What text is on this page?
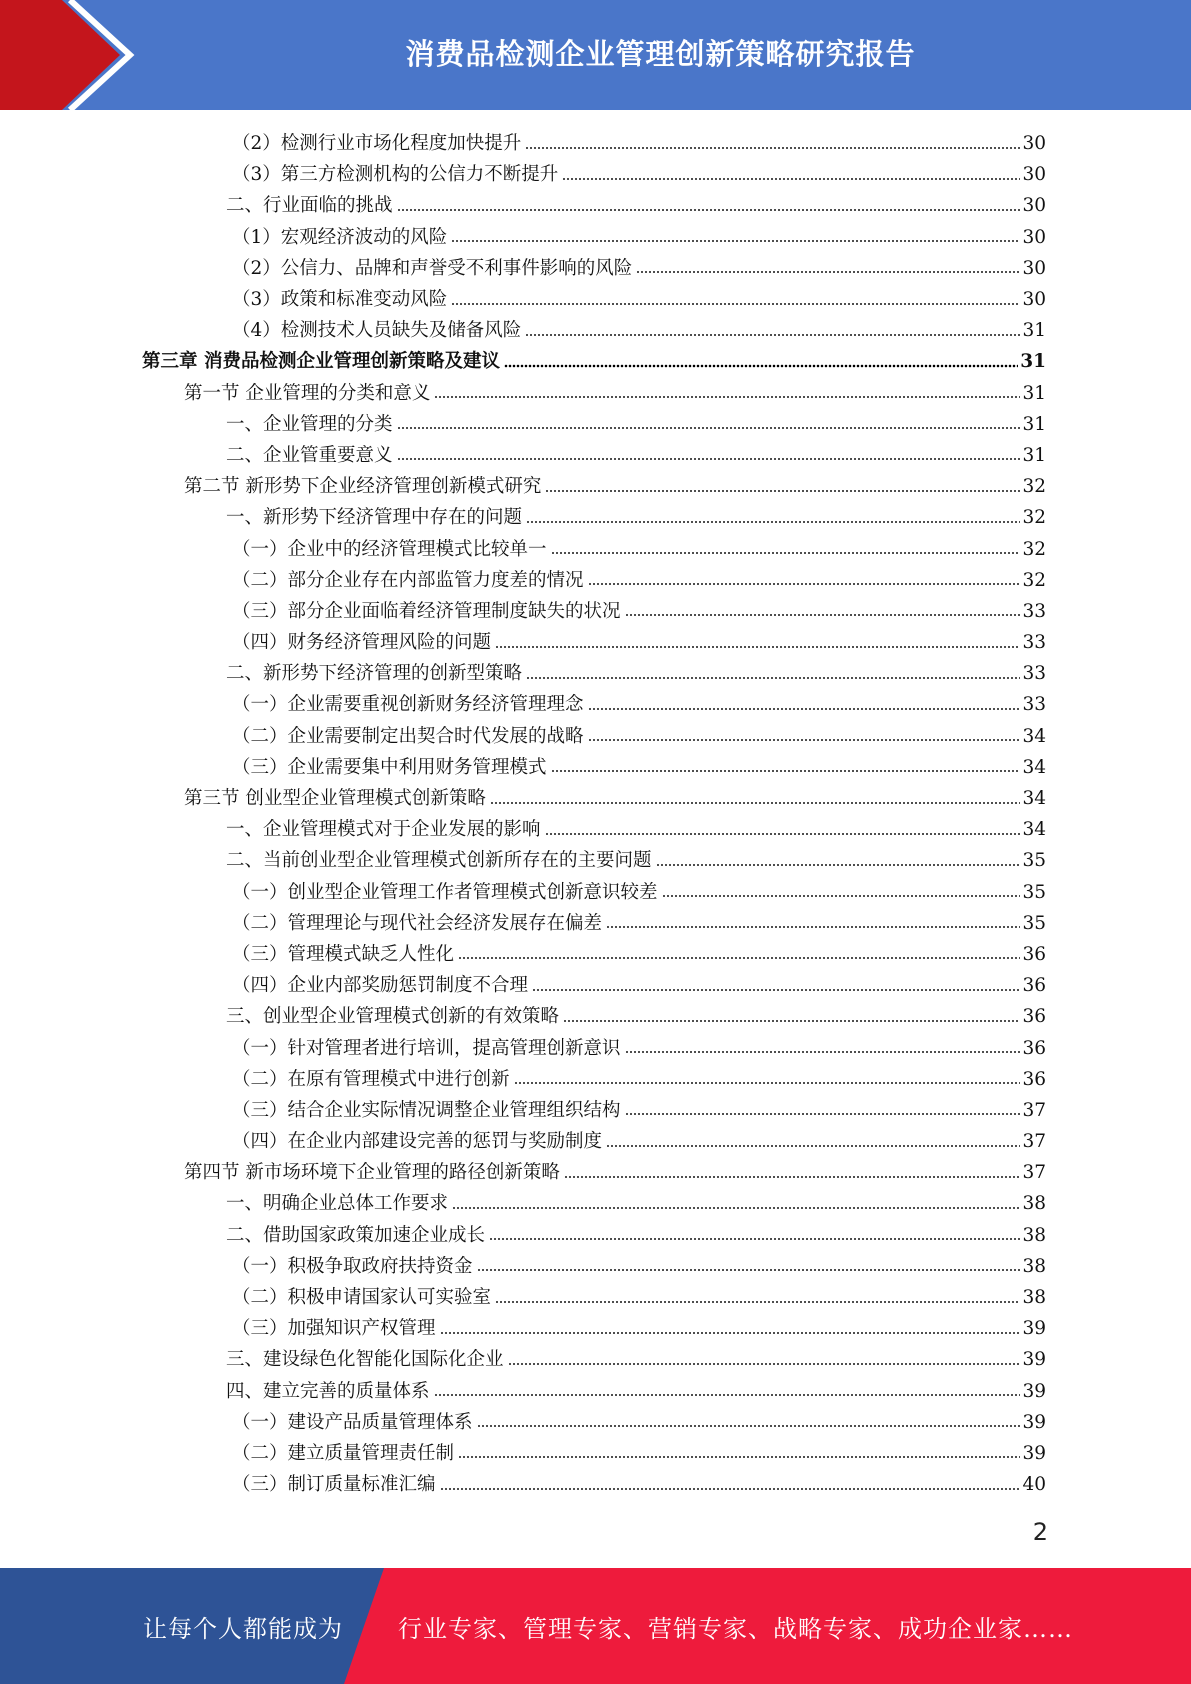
消费品检测企业管理创新策略研究报告
（2）检测行业市场化程度加快提升	30
（3）第三方检测机构的公信力不断提升	30
二、行业面临的挑战	30
（1）宏观经济波动的风险	30
（2）公信力、品牌和声誉受不利事件影响的风险	30
（3）政策和标准变动风险	30
（4）检测技术人员缺失及储备风险	31
第三章 消费品检测企业管理创新策略及建议	31
第一节 企业管理的分类和意义	31
一、企业管理的分类	31
二、企业管重要意义	31
第二节 新形势下企业经济管理创新模式研究	32
一、新形势下经济管理中存在的问题	32
（一）企业中的经济管理模式比较单一	32
（二）部分企业存在内部监管力度差的情况	32
（三）部分企业面临着经济管理制度缺失的状况	33
（四）财务经济管理风险的问题	33
二、新形势下经济管理的创新型策略	33
（一）企业需要重视创新财务经济管理理念	33
（二）企业需要制定出契合时代发展的战略	34
（三）企业需要集中利用财务管理模式	34
第三节 创业型企业管理模式创新策略	34
一、企业管理模式对于企业发展的影响	34
二、当前创业型企业管理模式创新所存在的主要问题	35
（一）创业型企业管理工作者管理模式创新意识较差	35
（二）管理理论与现代社会经济发展存在偏差	35
（三）管理模式缺乏人性化	36
（四）企业内部奖励惩罚制度不合理	36
三、创业型企业管理模式创新的有效策略	36
（一）针对管理者进行培训，提高管理创新意识	36
（二）在原有管理模式中进行创新	36
（三）结合企业实际情况调整企业管理组织结构	37
（四）在企业内部建设完善的惩罚与奖励制度	37
第四节 新市场环境下企业管理的路径创新策略	37
一、明确企业总体工作要求	38
二、借助国家政策加速企业成长	38
（一）积极争取政府扶持资金	38
（二）积极申请国家认可实验室	38
（三）加强知识产权管理	39
三、建设绿色化智能化国际化企业	39
四、建立完善的质量体系	39
（一）建设产品质量管理体系	39
（二）建立质量管理责任制	39
（三）制订质量标准汇编	40
2
让每个人都能成为 行业专家、管理专家、营销专家、战略专家、成功企业家……
